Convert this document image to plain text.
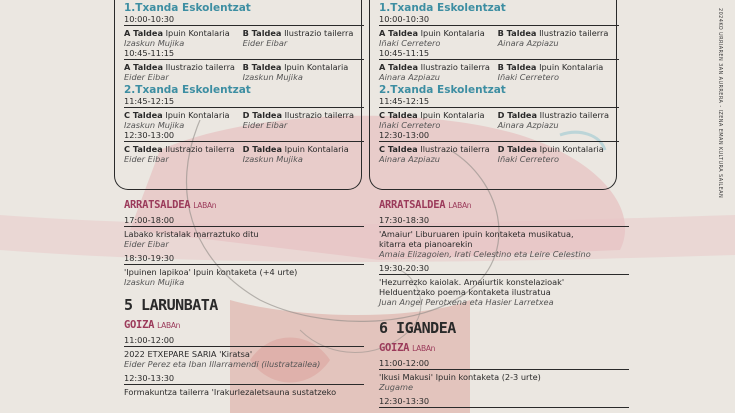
2024KO URRIAREN 3AN AURRERA - IZENA EMAN KULTURA SAILEAN
1.Txanda Eskolentzat
10:00-10:30
A Taldea Ipuin Kontalaria
Izaskun Mujika
B Taldea Ilustrazio tailerra
Eider Eibar
10:45-11:15
A Taldea Ilustrazio tailerra
Eider Eibar
B Taldea Ipuin Kontalaria
Izaskun Mujika
2.Txanda Eskolentzat
11:45-12:15
C Taldea Ipuin Kontalaria
Izaskun Mujika
D Taldea Ilustrazio tailerra
Eider Eibar
12:30-13:00
C Taldea Ilustrazio tailerra
Eider Eibar
D Taldea Ipuin Kontalaria
Izaskun Mujika
1.Txanda Eskolentzat
10:00-10:30
A Taldea Ipuin Kontalaria
Iñaki Cerretero
B Taldea Ilustrazio tailerra
Ainara Azpiazu
10:45-11:15
A Taldea Ilustrazio tailerra
Ainara Azpiazu
B Taldea Ipuin Kontalaria
Iñaki Cerretero
2.Txanda Eskolentzat
11:45-12:15
C Taldea Ipuin Kontalaria
Iñaki Cerretero
D Taldea Ilustrazio tailerra
Ainara Azpiazu
12:30-13:00
C Taldea Ilustrazio tailerra
Ainara Azpiazu
D Taldea Ipuin Kontalaria
Iñaki Cerretero
ARRATSALDEA LABAn
17:00-18:00
Labako kristalak marraztuko ditu
Eider Eibar
18:30-19:30
'Ipuinen lapikoa' Ipuin kontaketa (+4 urte)
Izaskun Mujika
5 LARUNBATA
GOIZA LABAn
11:00-12:00
2022 ETXEPARE SARIA 'Kiratsa'
Eider Perez eta Iban Illarramendi (ilustratzailea)
12:30-13:30
Formakuntza tailerra 'Irakurlezaletsauna sustatzeko
ARRATSALDEA LABAn
17:30-18:30
'Amaiur' Liburuaren ipuin kontaketa musikatua,
kitarra eta pianoarekin
Amaia Elizagoien, Irati Celestino eta Leire Celestino
19:30-20:30
'Hezurrezko kaiolak. Amaiurtik konstelazioak'
Helduentzako poema kontaketa ilustratua
Juan Angel Perotxena eta Hasier Larretxea
6 IGANDEA
GOIZA LABAn
11:00-12:00
'Ikusi Makusi' Ipuin kontaketa (2-3 urte)
Zugame
12:30-13:30
